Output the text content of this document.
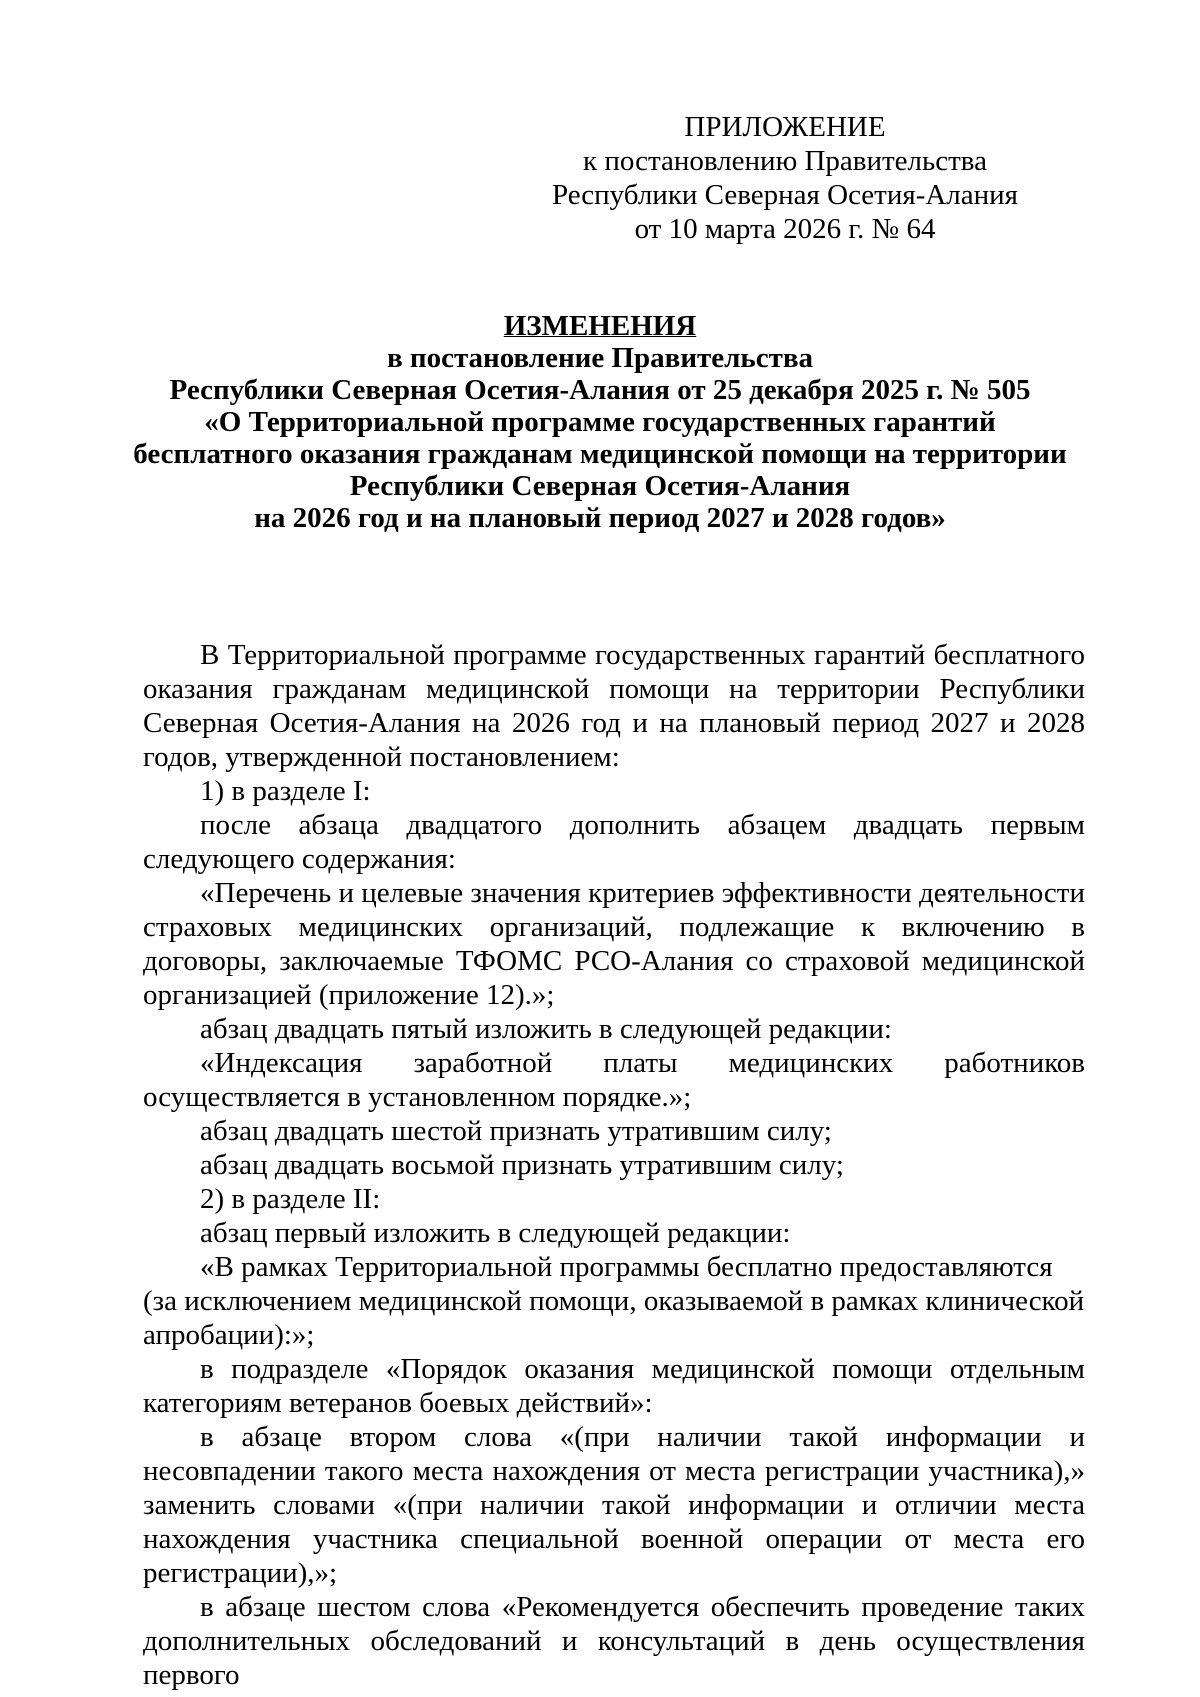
ПРИЛОЖЕНИЕ
к постановлению Правительства
Республики Северная Осетия-Алания
от 10 марта 2026 г. № 64
ИЗМЕНЕНИЯ
в постановление Правительства
Республики Северная Осетия-Алания от 25 декабря 2025 г. № 505
«О Территориальной программе государственных гарантий
бесплатного оказания гражданам медицинской помощи на территории
Республики Северная Осетия-Алания
на 2026 год и на плановый период 2027 и 2028 годов»

В Территориальной программе государственных гарантий бесплатного оказания гражданам медицинской помощи на территории Республики Северная Осетия-Алания на 2026 год и на плановый период 2027 и 2028 годов, утвержденной постановлением:

1) в разделе I:

после абзаца двадцатого дополнить абзацем двадцать первым следующего содержания:

«Перечень и целевые значения критериев эффективности деятельности страховых медицинских организаций, подлежащие к включению в договоры, заключаемые ТФОМС РСО-Алания со страховой медицинской организацией (приложение 12).»;

абзац двадцать пятый изложить в следующей редакции:

«Индексация заработной платы медицинских работников осуществляется в установленном порядке.»;

абзац двадцать шестой признать утратившим силу;

абзац двадцать восьмой признать утратившим силу;

2) в разделе II:

абзац первый изложить в следующей редакции:

«В рамках Территориальной программы бесплатно предоставляются (за исключением медицинской помощи, оказываемой в рамках клинической апробации):»;

в подразделе «Порядок оказания медицинской помощи отдельным категориям ветеранов боевых действий»:

в абзаце втором слова «(при наличии такой информации и несовпадении такого места нахождения от места регистрации участника),» заменить словами «(при наличии такой информации и отличии места нахождения участника специальной военной операции от места его регистрации),»;

в абзаце шестом слова «Рекомендуется обеспечить проведение таких дополнительных обследований и консультаций в день осуществления первого
